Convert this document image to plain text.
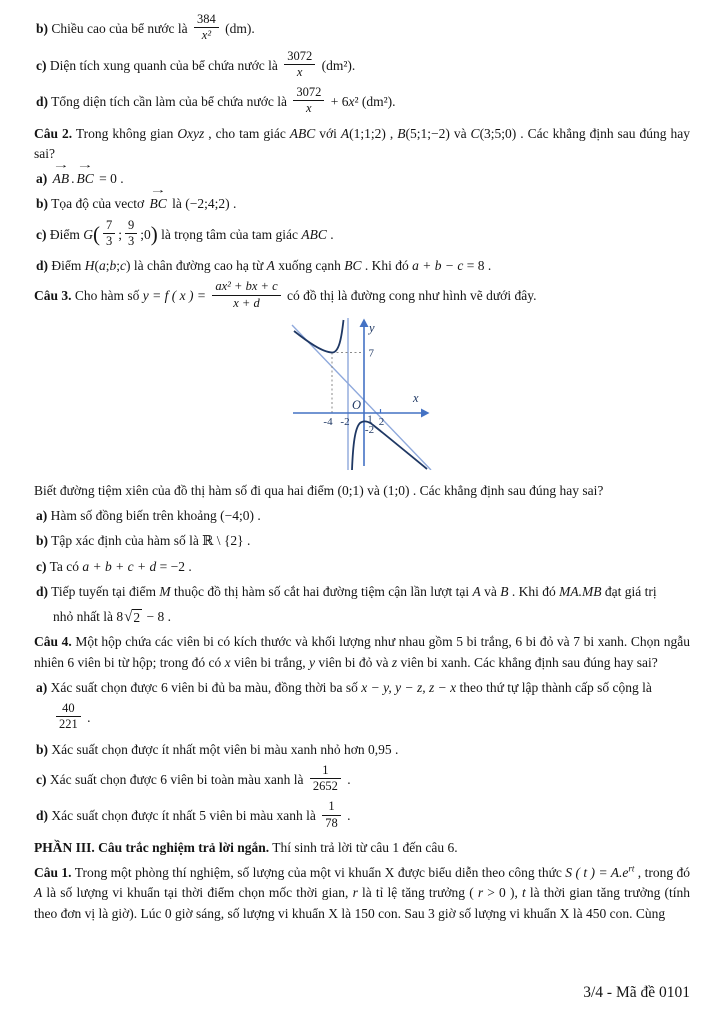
b) Chiều cao của bể nước là $\frac{384}{\text{x²}} (dm)$.
c) Diện tích xung quanh của bể chứa nước là $\frac{3072}{x} (dm^2)$.
d) Tổng diện tích cần làm của bể chứa nước là $\frac{3072}{x} + 6x^2$ (dm²).
Câu 2. Trong không gian Oxyz , cho tam giác ABC với A(1;1;2) , B(5;1;−2) và C(3;5;0) . Các khẳng định sau đúng hay sai?
a)
→
AB .
→
BC = 0 .
b) Tọa độ của vectơ
→
BC là (−2;4;2) .
c) Điểm $G( \frac{7}{3}$ ; $\frac{9}{3}$ ;0) là trọng tâm của tam giác ABC .
d) Điểm H(a;b;c) là chân đường cao hạ từ A xuống cạnh BC . Khi đó a + b − c = 8 .
Câu 3. Cho hàm số y = f ( x ) = $\frac{\text{ax² + bx + c}}{x + d}$ có đồ thị là đường cong như hình vẽ dưới đây.
y
x
O
7
-4 -2 1 2
-2
Biết đường tiệm xiên của đồ thị hàm số đi qua hai điểm (0;1) và (1;0) . Các khẳng định sau đúng hay sai?
a) Hàm số đồng biến trên khoảng (−4;0) .
b) Tập xác định của hàm số là ℝ \ {2} .
c) Ta có a + b + c + d = −2 .
d) Tiếp tuyến tại điểm M thuộc đồ thị hàm số cắt hai đường tiệm cận lần lượt tại A và B . Khi đó MA.MB đạt giá trị
nhỏ nhất là 8 √ 2 − 8 .
Câu 4. Một hộp chứa các viên bi có kích thước và khối lượng như nhau gồm 5 bi trắng, 6 bi đỏ và 7 bi xanh. Chọn ngẫu nhiên 6 viên bi từ hộp; trong đó có x viên bi trắng, y viên bi đỏ và z viên bi xanh. Các khẳng định sau đúng hay sai?
a) Xác suất chọn được 6 viên bi đủ ba màu, đồng thời ba số x − y, y − z, z − x theo thứ tự lập thành cấp số cộng là
$\frac{40}{221}$ .
b) Xác suất chọn được ít nhất một viên bi màu xanh nhỏ hơn 0,95 .
c) Xác suất chọn được 6 viên bi toàn màu xanh là $\frac{1}{2652}$ .
d) Xác suất chọn được ít nhất 5 viên bi màu xanh là $\frac{1}{78}$ .
PHẦN III. Câu trắc nghiệm trả lời ngắn. Thí sinh trả lời từ câu 1 đến câu 6.
Câu 1. Trong một phòng thí nghiệm, số lượng của một vi khuẩn X được biểu diễn theo công thức S ( t ) = $A.e^{rt}$ , trong đó A là số lượng vi khuẩn tại thời điểm chọn mốc thời gian, r là tỉ lệ tăng trưởng ( r > 0 ), t là thời gian tăng trưởng (tính theo đơn vị là giờ). Lúc 0 giờ sáng, số lượng vi khuẩn X là 150 con. Sau 3 giờ số lượng vi khuẩn X là 450 con. Cùng
3/4 - Mã đề 0101
